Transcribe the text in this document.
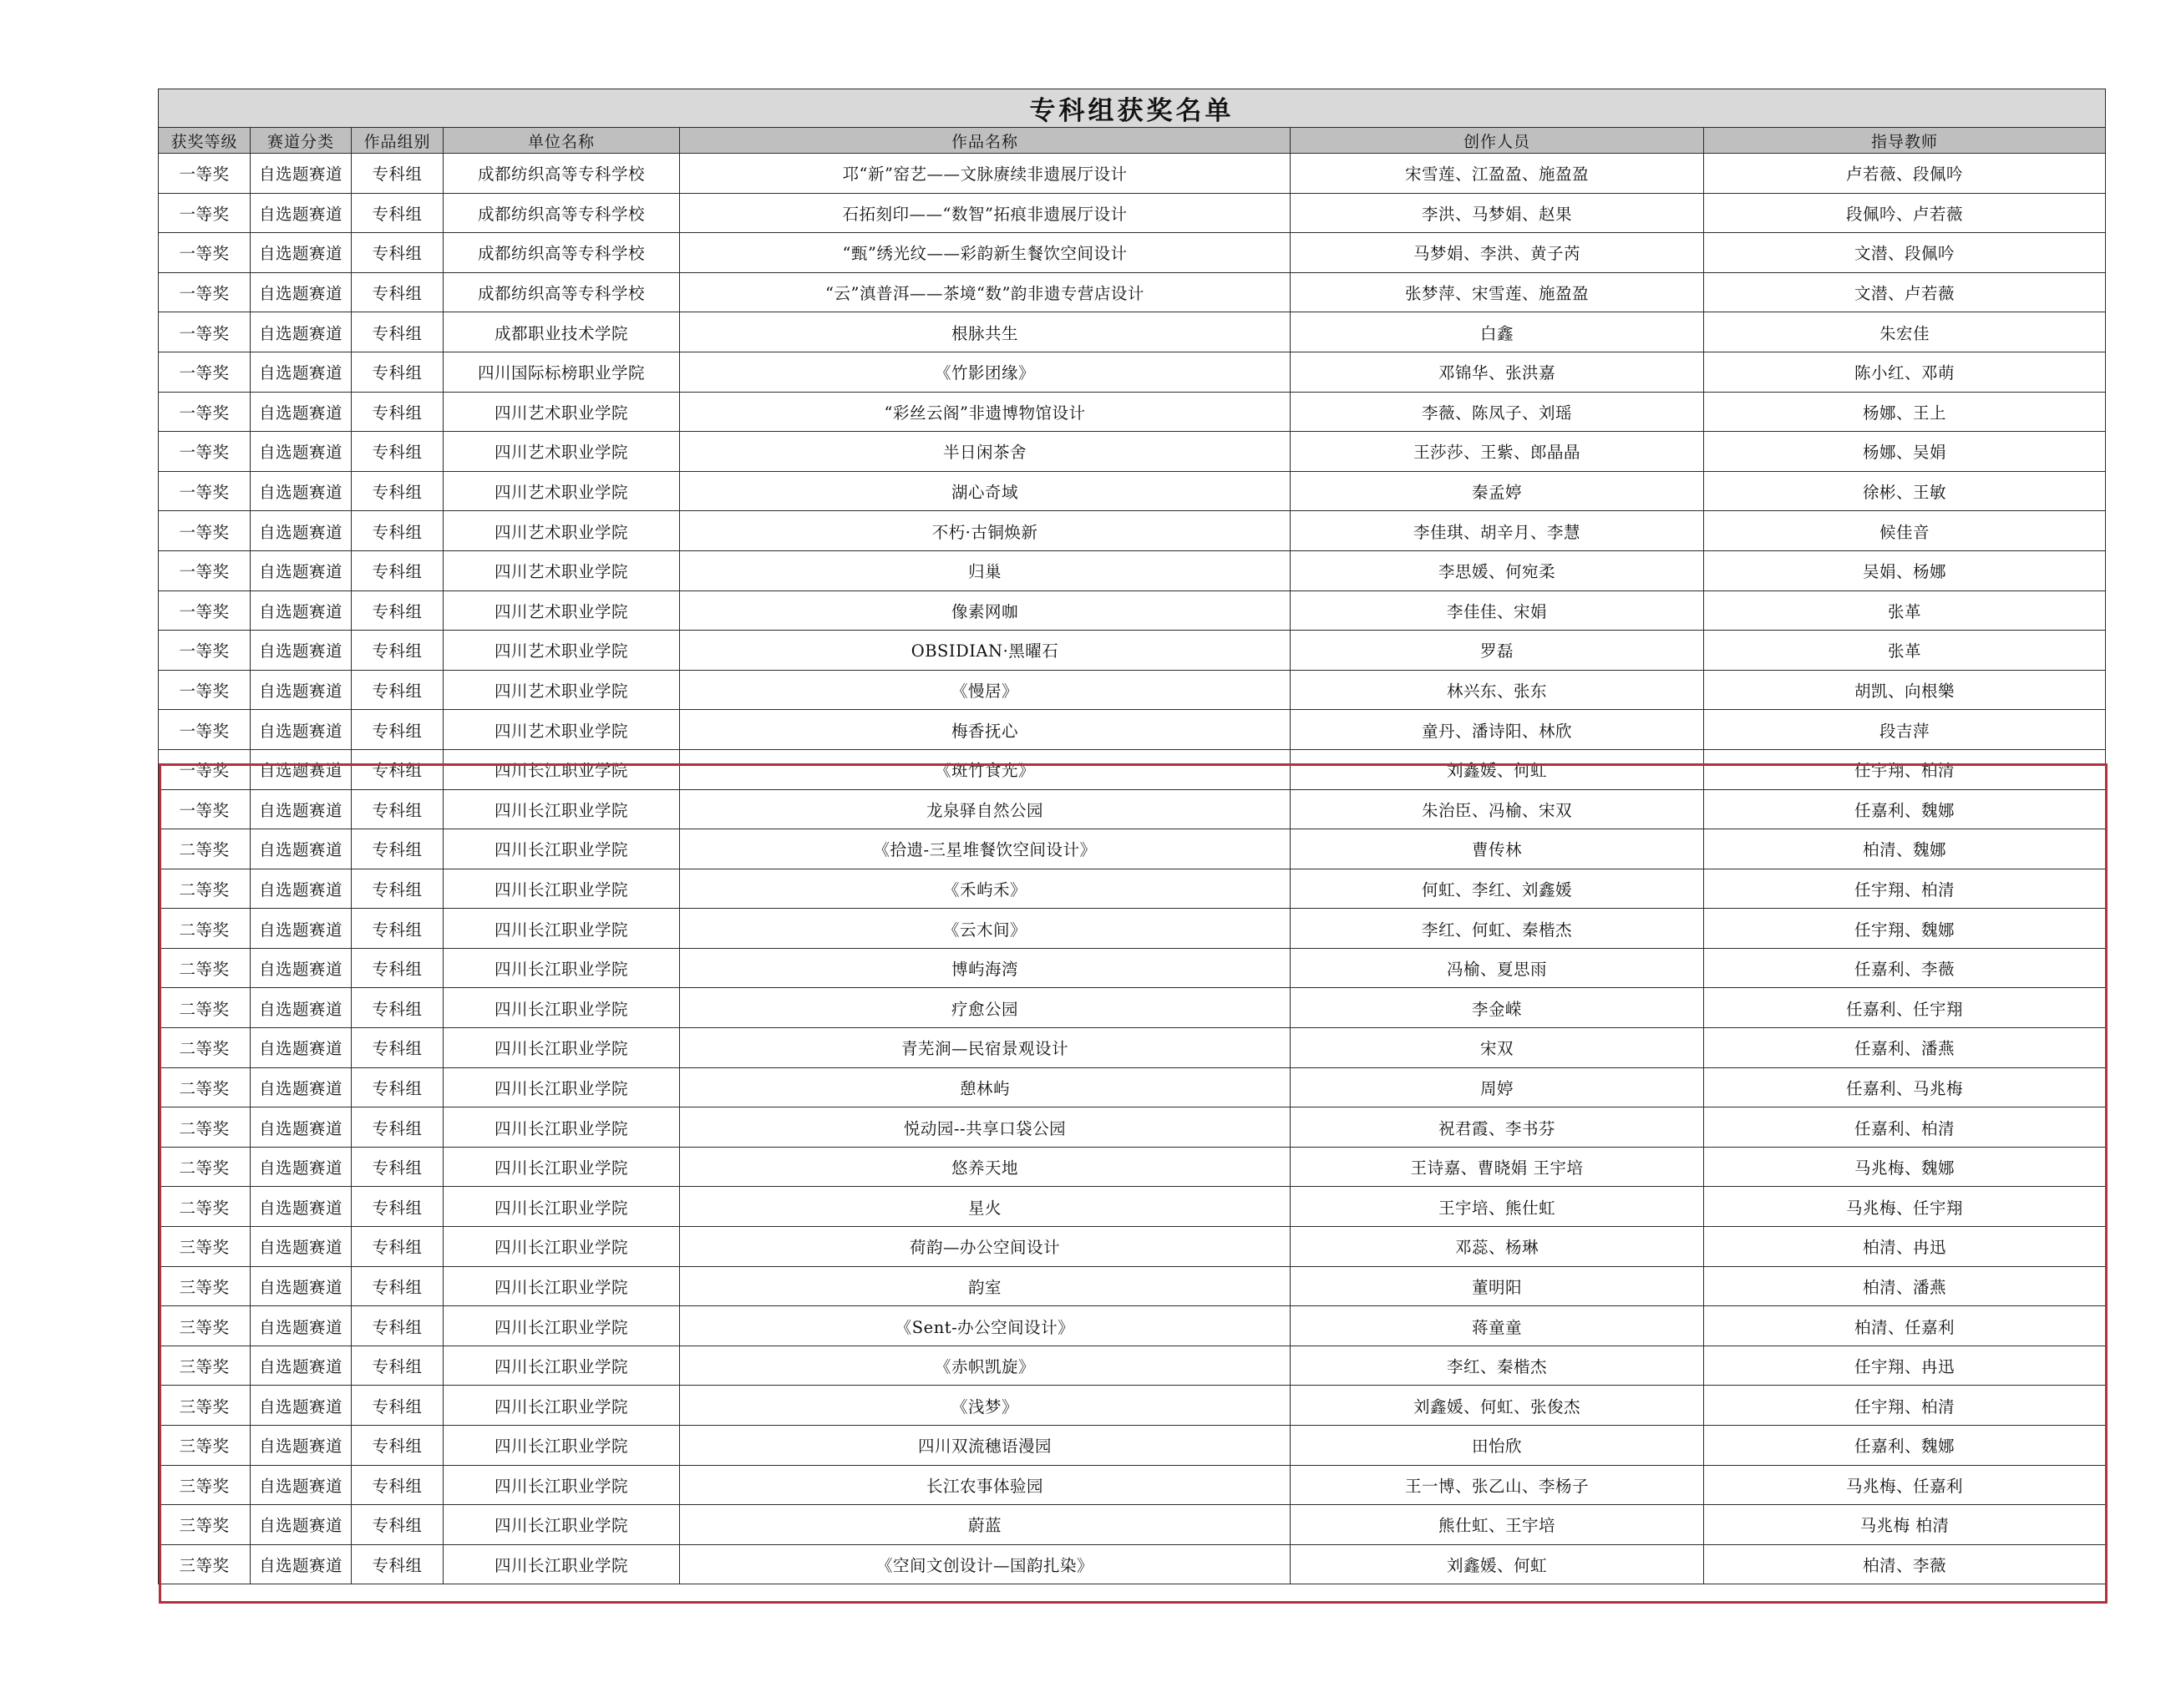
专科组获奖名单						
获奖等级	赛道分类	作品组别	单位名称	作品名称	创作人员	指导教师
一等奖	自选题赛道	专科组	成都纺织高等专科学校	邛“新”窑艺——文脉赓续非遗展厅设计	宋雪莲、江盈盈、施盈盈	卢若薇、段佩吟
一等奖	自选题赛道	专科组	成都纺织高等专科学校	石拓刻印——“数智”拓痕非遗展厅设计	李洪、马梦娟、赵果	段佩吟、卢若薇
一等奖	自选题赛道	专科组	成都纺织高等专科学校	“甄”绣光纹——彩韵新生餐饮空间设计	马梦娟、李洪、黄子芮	文潜、段佩吟
一等奖	自选题赛道	专科组	成都纺织高等专科学校	“云”滇普洱——茶境“数”韵非遗专营店设计	张梦萍、宋雪莲、施盈盈	文潜、卢若薇
一等奖	自选题赛道	专科组	成都职业技术学院	根脉共生	白鑫	朱宏佳
一等奖	自选题赛道	专科组	四川国际标榜职业学院	《竹影团缘》	邓锦华、张洪嘉	陈小红、邓萌
一等奖	自选题赛道	专科组	四川艺术职业学院	“彩丝云阁”非遗博物馆设计	李薇、陈凤子、刘瑶	杨娜、王上
一等奖	自选题赛道	专科组	四川艺术职业学院	半日闲茶舍	王莎莎、王紫、郎晶晶	杨娜、吴娟
一等奖	自选题赛道	专科组	四川艺术职业学院	湖心奇域	秦孟婷	徐彬、王敏
一等奖	自选题赛道	专科组	四川艺术职业学院	不朽·古铜焕新	李佳琪、胡辛月、李慧	候佳音
一等奖	自选题赛道	专科组	四川艺术职业学院	归巢	李思媛、何宛柔	吴娟、杨娜
一等奖	自选题赛道	专科组	四川艺术职业学院	像素网咖	李佳佳、宋娟	张革
一等奖	自选题赛道	专科组	四川艺术职业学院	OBSIDIAN·黑曜石	罗磊	张革
一等奖	自选题赛道	专科组	四川艺术职业学院	《慢居》	林兴东、张东	胡凯、向根樂
一等奖	自选题赛道	专科组	四川艺术职业学院	梅香抚心	童丹、潘诗阳、林欣	段吉萍
一等奖	自选题赛道	专科组	四川长江职业学院	《斑竹食光》	刘鑫媛、何虹	任宇翔、柏清
一等奖	自选题赛道	专科组	四川长江职业学院	龙泉驿自然公园	朱治臣、冯榆、宋双	任嘉利、魏娜
二等奖	自选题赛道	专科组	四川长江职业学院	《拾遗-三星堆餐饮空间设计》	曹传林	柏清、魏娜
二等奖	自选题赛道	专科组	四川长江职业学院	《禾屿禾》	何虹、李红、刘鑫媛	任宇翔、柏清
二等奖	自选题赛道	专科组	四川长江职业学院	《云木间》	李红、何虹、秦楷杰	任宇翔、魏娜
二等奖	自选题赛道	专科组	四川长江职业学院	博屿海湾	冯榆、夏思雨	任嘉利、李薇
二等奖	自选题赛道	专科组	四川长江职业学院	疗愈公园	李金嵘	任嘉利、任宇翔
二等奖	自选题赛道	专科组	四川长江职业学院	青芜涧—民宿景观设计	宋双	任嘉利、潘燕
二等奖	自选题赛道	专科组	四川长江职业学院	憩林屿	周婷	任嘉利、马兆梅
二等奖	自选题赛道	专科组	四川长江职业学院	悦动园--共享口袋公园	祝君霞、李书芬	任嘉利、柏清
二等奖	自选题赛道	专科组	四川长江职业学院	悠养天地	王诗嘉、曹晓娟 王宇培	马兆梅、魏娜
二等奖	自选题赛道	专科组	四川长江职业学院	星火	王宇培、熊仕虹	马兆梅、任宇翔
三等奖	自选题赛道	专科组	四川长江职业学院	荷韵—办公空间设计	邓蕊、杨琳	柏清、冉迅
三等奖	自选题赛道	专科组	四川长江职业学院	韵室	董明阳	柏清、潘燕
三等奖	自选题赛道	专科组	四川长江职业学院	《Sent-办公空间设计》	蒋童童	柏清、任嘉利
三等奖	自选题赛道	专科组	四川长江职业学院	《赤帜凯旋》	李红、秦楷杰	任宇翔、冉迅
三等奖	自选题赛道	专科组	四川长江职业学院	《浅梦》	刘鑫媛、何虹、张俊杰	任宇翔、柏清
三等奖	自选题赛道	专科组	四川长江职业学院	四川双流穗语漫园	田怡欣	任嘉利、魏娜
三等奖	自选题赛道	专科组	四川长江职业学院	长江农事体验园	王一博、张乙山、李杨子	马兆梅、任嘉利
三等奖	自选题赛道	专科组	四川长江职业学院	蔚蓝	熊仕虹、王宇培	马兆梅 柏清
三等奖	自选题赛道	专科组	四川长江职业学院	《空间文创设计—国韵扎染》	刘鑫媛、何虹	柏清、李薇
